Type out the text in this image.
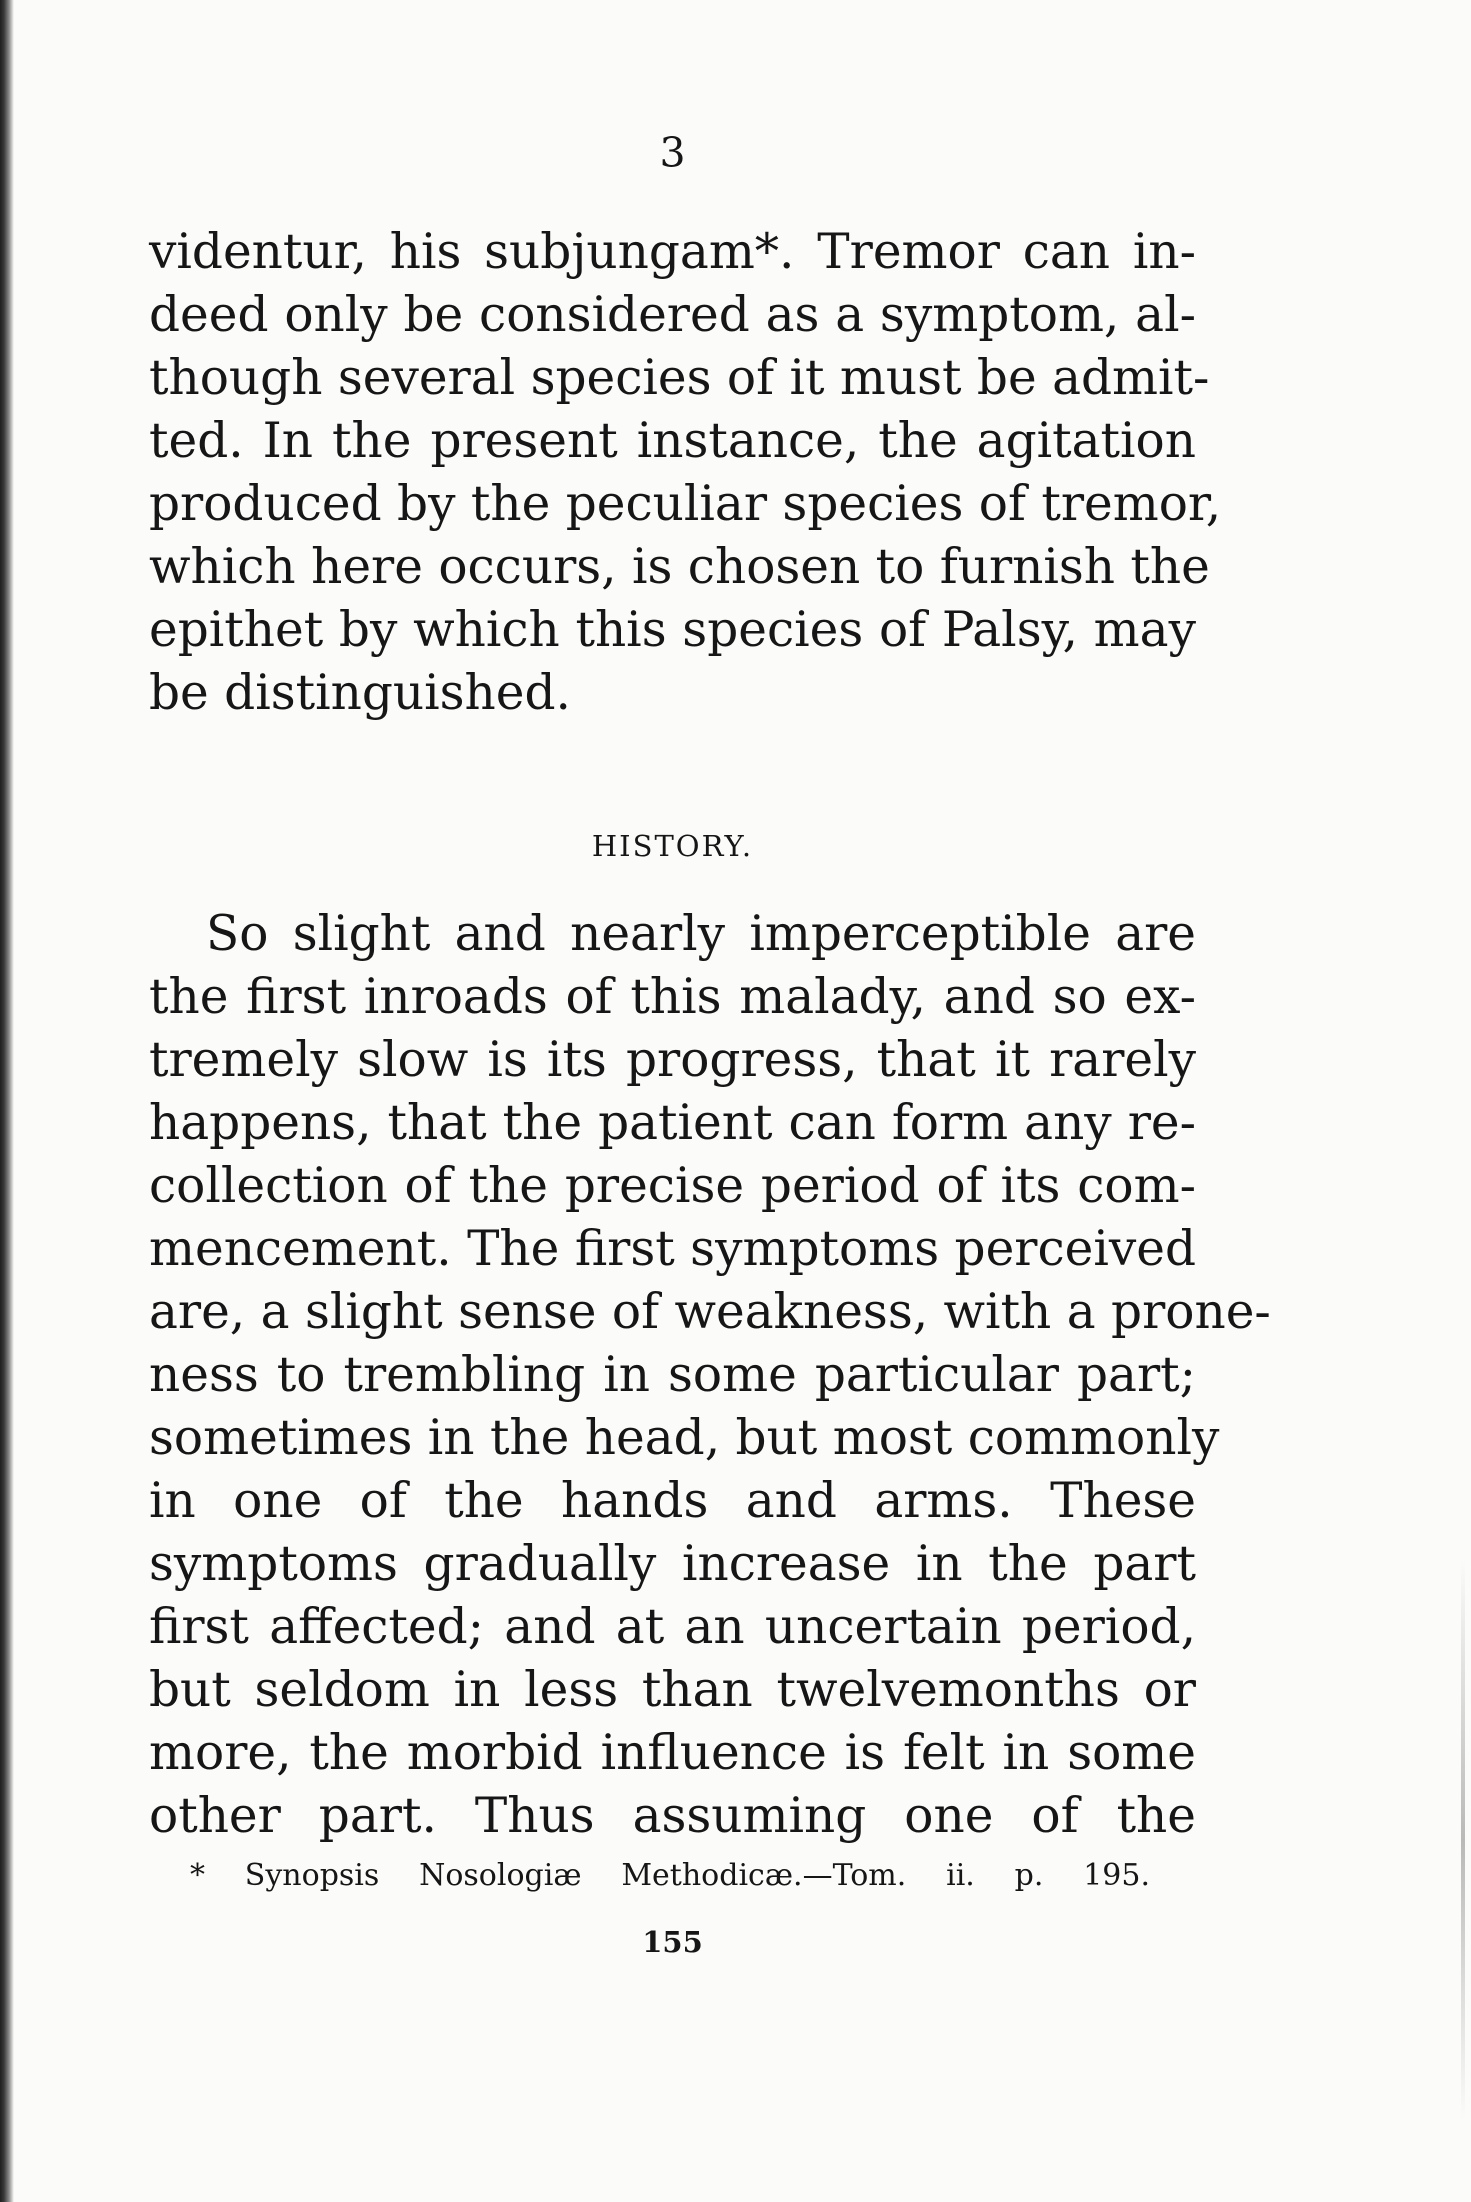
3
videntur, his subjungam*. Tremor can in-
deed only be considered as a symptom, al-
though several species of it must be admit-
ted. In the present instance, the agitation
produced by the peculiar species of tremor,
which here occurs, is chosen to furnish the
epithet by which this species of Palsy, may
be distinguished.
HISTORY.
So slight and nearly imperceptible are
the first inroads of this malady, and so ex-
tremely slow is its progress, that it rarely
happens, that the patient can form any re-
collection of the precise period of its com-
mencement. The first symptoms perceived
are, a slight sense of weakness, with a prone-
ness to trembling in some particular part;
sometimes in the head, but most commonly
in one of the hands and arms. These
symptoms gradually increase in the part
first affected; and at an uncertain period,
but seldom in less than twelvemonths or
more, the morbid influence is felt in some
other part. Thus assuming one of the
* Synopsis Nosologiæ Methodicæ.—Tom. ii. p. 195.
155
